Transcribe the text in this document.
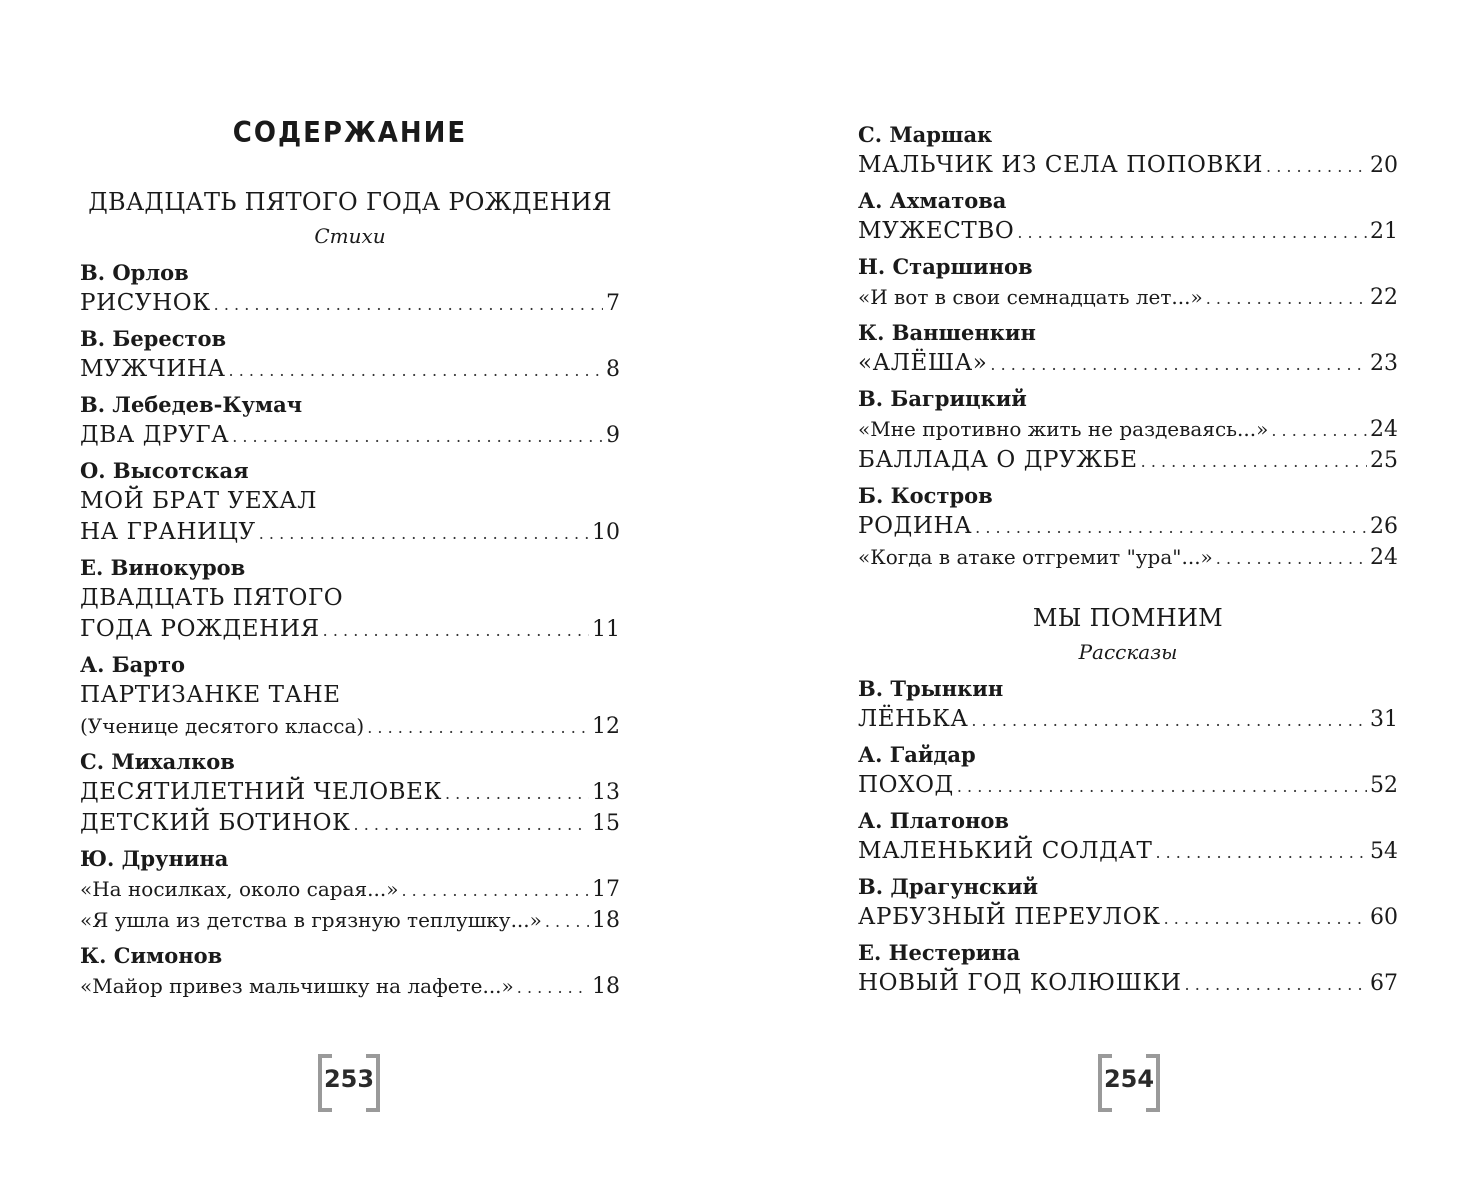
СОДЕРЖАНИЕ
ДВАДЦАТЬ ПЯТОГО ГОДА РОЖДЕНИЯ
Стихи
В. Орлов
РИСУНОК . . .	7
В. Берестов
МУЖЧИНА . . .	8
В. Лебедев-Кумач
ДВА ДРУГА . . .	9
О. Высотская
МОЙ БРАТ УЕХАЛ
НА ГРАНИЦУ . . .	10
Е. Винокуров
ДВАДЦАТЬ ПЯТОГО
ГОДА РОЖДЕНИЯ . . .	11
А. Барто
ПАРТИЗАНКЕ ТАНЕ
(Ученице десятого класса) . . .	12
С. Михалков
ДЕСЯТИЛЕТНИЙ ЧЕЛОВЕК . . .	13
ДЕТСКИЙ БОТИНОК . . .	15
Ю. Друнина
«На носилках, около сарая...» . . .	17
«Я ушла из детства в грязную теплушку...» . . . 18
К. Симонов
«Майор привез мальчишку на лафете...» . . .	18
253
С. Маршак
МАЛЬЧИК ИЗ СЕЛА ПОПОВКИ . . .	20
А. Ахматова
МУЖЕСТВО . . .	21
Н. Старшинов
«И вот в свои семнадцать лет...» . . .	22
К. Ваншенкин
«АЛЁША» . . .	23
В. Багрицкий
«Мне противно жить не раздеваясь...» . . .	24
БАЛЛАДА О ДРУЖБЕ . . .	25
Б. Костров
РОДИНА . . .	26
«Когда в атаке отгремит "ура"...» . . .	24
МЫ ПОМНИМ
Рассказы
В. Трынкин
ЛЁНЬКА . . .	31
А. Гайдар
ПОХОД . . .	52
А. Платонов
МАЛЕНЬКИЙ СОЛДАТ . . .	54
В. Драгунский
АРБУЗНЫЙ ПЕРЕУЛОК . . .	60
Е. Нестерина
НОВЫЙ ГОД КОЛЮШКИ . . .	67
254
